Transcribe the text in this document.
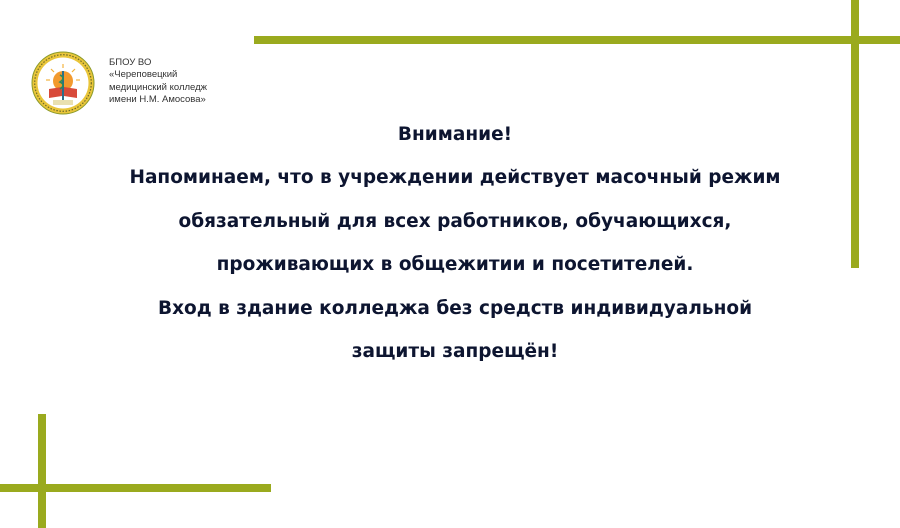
БПОУ ВО
«Череповецкий
медицинский колледж
имени Н.М. Амосова»
Внимание!
Напоминаем, что в учреждении действует масочный режим
обязательный для всех работников, обучающихся,
проживающих в общежитии и посетителей.
Вход в здание колледжа без средств индивидуальной
защиты запрещён!
